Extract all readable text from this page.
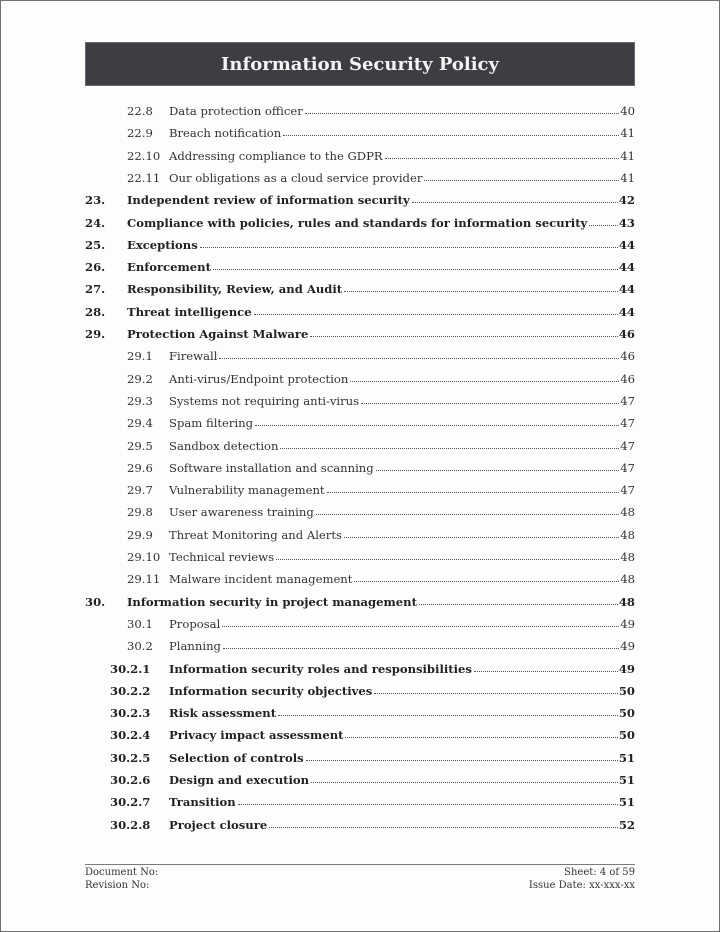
Information Security Policy
22.8 Data protection officer	40
22.9 Breach notification	41
22.10 Addressing compliance to the GDPR	41
22.11 Our obligations as a cloud service provider	41
23. Independent review of information security	42
24. Compliance with policies, rules and standards for information security	43
25. Exceptions	44
26. Enforcement	44
27. Responsibility, Review, and Audit	44
28. Threat intelligence	44
29. Protection Against Malware	46
29.1 Firewall	46
29.2 Anti-virus/Endpoint protection	46
29.3 Systems not requiring anti-virus	47
29.4 Spam filtering	47
29.5 Sandbox detection	47
29.6 Software installation and scanning	47
29.7 Vulnerability management	47
29.8 User awareness training	48
29.9 Threat Monitoring and Alerts	48
29.10 Technical reviews	48
29.11 Malware incident management	48
30. Information security in project management	48
30.1 Proposal	49
30.2 Planning	49
30.2.1 Information security roles and responsibilities	49
30.2.2 Information security objectives	50
30.2.3 Risk assessment	50
30.2.4 Privacy impact assessment	50
30.2.5 Selection of controls	51
30.2.6 Design and execution	51
30.2.7 Transition	51
30.2.8 Project closure	52
Document No:
Revision No:
Sheet: 4 of 59
Issue Date: xx-xxx-xx
